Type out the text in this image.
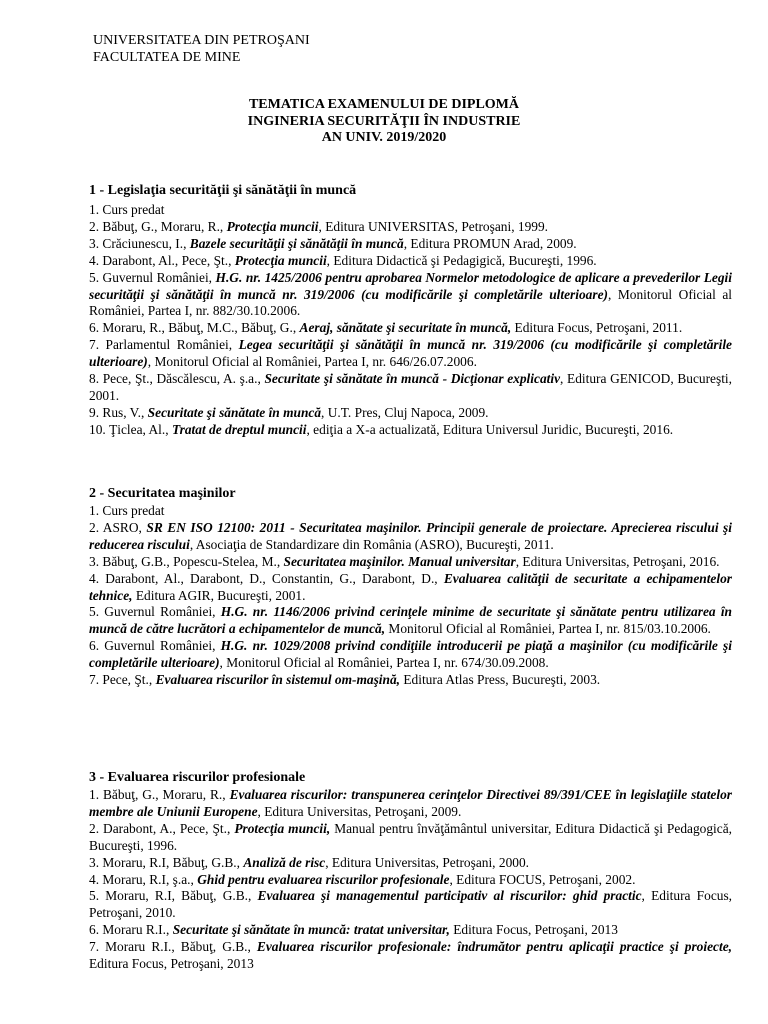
UNIVERSITATEA DIN PETROŞANI
FACULTATEA DE MINE
TEMATICA EXAMENULUI DE DIPLOMĂ
INGINERIA SECURITĂŢII ÎN INDUSTRIE
AN UNIV. 2019/2020
1 - Legislaţia securităţii şi sănătăţii în muncă

1. Curs predat

2. Băbuţ, G., Moraru, R., Protecţia muncii, Editura UNIVERSITAS, Petroşani, 1999.

3. Crăciunescu, I., Bazele securităţii şi sănătăţii în muncă, Editura PROMUN Arad, 2009.

4. Darabont, Al., Pece, Şt., Protecţia muncii, Editura Didactică şi Pedagigică, Bucureşti, 1996.

5. Guvernul României, H.G. nr. 1425/2006 pentru aprobarea Normelor metodologice de aplicare a prevederilor Legii securităţii şi sănătăţii în muncă nr. 319/2006 (cu modificările şi completările ulterioare), Monitorul Oficial al României, Partea I, nr. 882/30.10.2006.

6. Moraru, R., Băbuţ, M.C., Băbuţ, G., Aeraj, sănătate şi securitate în muncă, Editura Focus, Petroşani, 2011.

7. Parlamentul României, Legea securităţii şi sănătăţii în muncă nr. 319/2006 (cu modificările şi completările ulterioare), Monitorul Oficial al României, Partea I, nr. 646/26.07.2006.

8. Pece, Şt., Dăscălescu, A. ş.a., Securitate şi sănătate în muncă - Dicţionar explicativ, Editura GENICOD, Bucureşti, 2001.

9. Rus, V., Securitate şi sănătate în muncă, U.T. Pres, Cluj Napoca, 2009.

10. Ţiclea, Al., Tratat de dreptul muncii, ediţia a X-a actualizată, Editura Universul Juridic, Bucureşti, 2016.

2 - Securitatea maşinilor

1. Curs predat

2. ASRO, SR EN ISO 12100: 2011 - Securitatea maşinilor. Principii generale de proiectare. Aprecierea riscului şi reducerea riscului, Asociaţia de Standardizare din România (ASRO), Bucureşti, 2011.

3. Băbuţ, G.B., Popescu-Stelea, M., Securitatea maşinilor. Manual universitar, Editura Universitas, Petroşani, 2016.

4. Darabont, Al., Darabont, D., Constantin, G., Darabont, D., Evaluarea calităţii de securitate a echipamentelor tehnice, Editura AGIR, Bucureşti, 2001.

5. Guvernul României, H.G. nr. 1146/2006 privind cerinţele minime de securitate şi sănătate pentru utilizarea în muncă de către lucrători a echipamentelor de muncă, Monitorul Oficial al României, Partea I, nr. 815/03.10.2006.

6. Guvernul României, H.G. nr. 1029/2008 privind condiţiile introducerii pe piaţă a maşinilor (cu modificările şi completările ulterioare), Monitorul Oficial al României, Partea I, nr. 674/30.09.2008.

7. Pece, Şt., Evaluarea riscurilor în sistemul om-maşină, Editura Atlas Press, Bucureşti, 2003.

3 - Evaluarea riscurilor profesionale

1. Băbuţ, G., Moraru, R., Evaluarea riscurilor: transpunerea cerinţelor Directivei 89/391/CEE în legislaţiile statelor membre ale Uniunii Europene, Editura Universitas, Petroşani, 2009.

2. Darabont, A., Pece, Şt., Protecţia muncii, Manual pentru învăţământul universitar, Editura Didactică şi Pedagogică, Bucureşti, 1996.

3. Moraru, R.I, Băbuţ, G.B., Analiză de risc, Editura Universitas, Petroşani, 2000.

4. Moraru, R.I, ş.a., Ghid pentru evaluarea riscurilor profesionale, Editura FOCUS, Petroşani, 2002.

5. Moraru, R.I, Băbuţ, G.B., Evaluarea şi managementul participativ al riscurilor: ghid practic, Editura Focus, Petroşani, 2010.

6. Moraru R.I., Securitate şi sănătate în muncă: tratat universitar, Editura Focus, Petroşani, 2013

7. Moraru R.I., Băbuţ, G.B., Evaluarea riscurilor profesionale: îndrumător pentru aplicaţii practice şi proiecte, Editura Focus, Petroşani, 2013
